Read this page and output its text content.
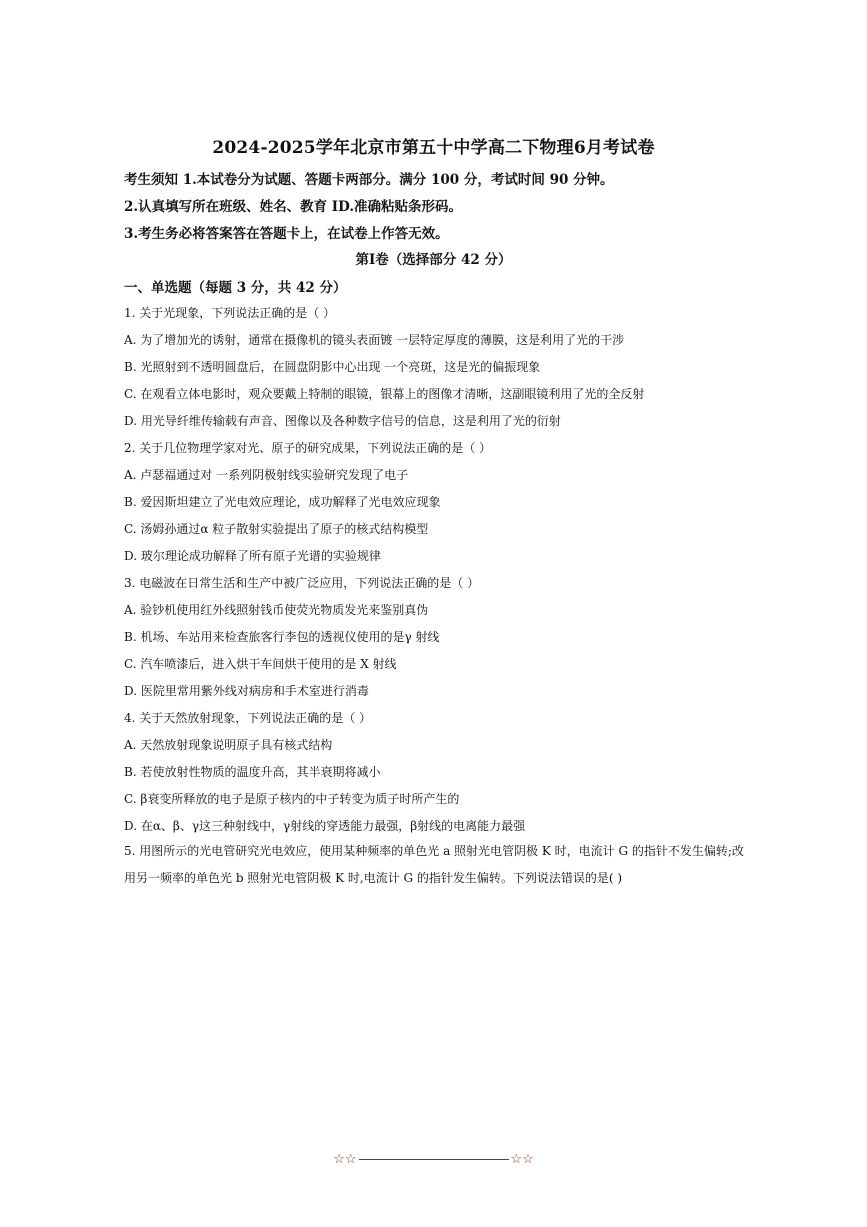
2024-2025学年北京市第五十中学高二下物理6月考试卷
考生须知 1.本试卷分为试题、答题卡两部分。满分 100 分，考试时间 90 分钟。
2.认真填写所在班级、姓名、教育 ID.准确粘贴条形码。
3.考生务必将答案答在答题卡上，在试卷上作答无效。
第Ⅰ卷（选择部分 42 分）
一、单选题（每题 3 分，共 42 分）
1. 关于光现象，下列说法正确的是（ ）
A. 为了增加光的诱射，通常在摄像机的镜头表面镀 一层特定厚度的薄膜，这是利用了光的干涉
B. 光照射到不透明圆盘后，在圆盘阴影中心出现 一个亮斑，这是光的偏振现象
C. 在观看立体电影时，观众要戴上特制的眼镜，银幕上的图像才清晰，这副眼镜利用了光的全反射
D. 用光导纤维传输载有声音、图像以及各种数字信号的信息，这是利用了光的衍射
2. 关于几位物理学家对光、原子的研究成果，下列说法正确的是（ ）
A. 卢瑟福通过对 一系列阴极射线实验研究发现了电子
B. 爱因斯坦建立了光电效应理论，成功解释了光电效应现象
C. 汤姆孙通过α 粒子散射实验提出了原子的核式结构模型
D. 玻尔理论成功解释了所有原子光谱的实验规律
3. 电磁波在日常生活和生产中被广泛应用，下列说法正确的是（ ）
A. 验钞机使用红外线照射钱币使荧光物质发光来鉴别真伪
B. 机场、车站用来检查旅客行李包的透视仪使用的是γ 射线
C. 汽车喷漆后，进入烘干车间烘干使用的是 X 射线
D. 医院里常用紫外线对病房和手术室进行消毒
4. 关于天然放射现象，下列说法正确的是（ ）
A. 天然放射现象说明原子具有核式结构
B. 若使放射性物质的温度升高，其半衰期将减小
C. β衰变所释放的电子是原子核内的中子转变为质子时所产生的
D. 在α、β、γ这三种射线中，γ射线的穿透能力最强，β射线的电离能力最强
5. 用图所示的光电管研究光电效应，使用某种频率的单色光 a 照射光电管阴极 K 时，电流计 G 的指针不发生偏转;改用另一频率的单色光 b 照射光电管阴极 K 时,电流计 G 的指针发生偏转。下列说法错误的是( )
☆☆	☆☆
